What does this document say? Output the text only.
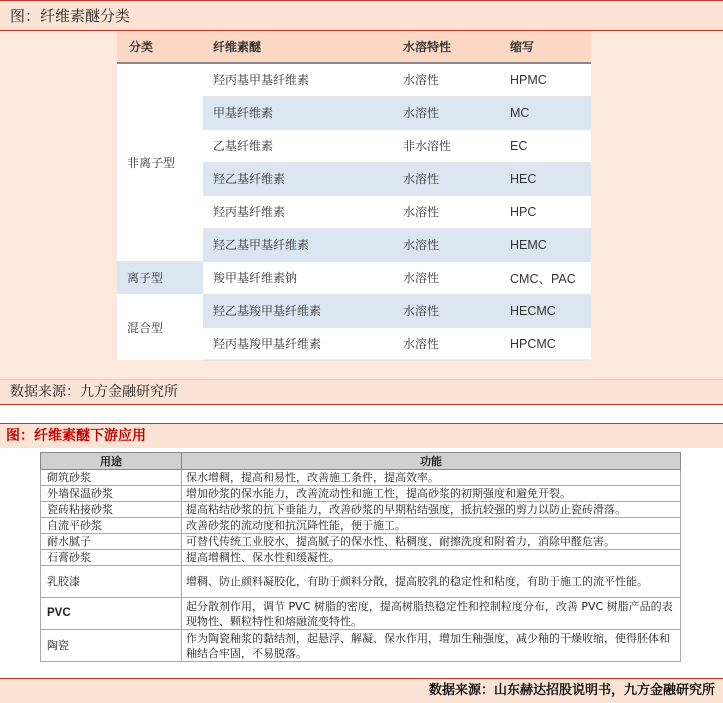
图：纤维素醚分类
分类	纤维素醚	水溶特性	缩写
非离子型	羟丙基甲基纤维素	水溶性	HPMC
	甲基纤维素	水溶性	MC
	乙基纤维素	非水溶性	EC
	羟乙基纤维素	水溶性	HEC
	羟丙基纤维素	水溶性	HPC
	羟乙基甲基纤维素	水溶性	HEMC
离子型	羧甲基纤维素钠	水溶性	CMC、PAC
混合型	羟乙基羧甲基纤维素	水溶性	HECMC
	羟丙基羧甲基纤维素	水溶性	HPCMC
数据来源：九方金融研究所
图：纤维素醚下游应用
用途	功能
砌筑砂浆	保水增稠，提高和易性，改善施工条件，提高效率。
外墙保温砂浆	增加砂浆的保水能力，改善流动性和施工性，提高砂浆的初期强度和避免开裂。
瓷砖粘接砂浆	提高粘结砂浆的抗下垂能力，改善砂浆的早期粘结强度，抵抗较强的剪力以防止瓷砖滑落。
自流平砂浆	改善砂浆的流动度和抗沉降性能，便于施工。
耐水腻子	可替代传统工业胶水，提高腻子的保水性、粘稠度、耐擦洗度和附着力，消除甲醛危害。
石膏砂浆	提高增稠性、保水性和缓凝性。
乳胶漆	增稠、防止颜料凝胶化，有助于颜料分散，提高胶乳的稳定性和粘度，有助于施工的流平性能。
PVC	起分散剂作用，调节 PVC 树脂的密度，提高树脂热稳定性和控制粒度分布，改善 PVC 树脂产品的表现物性、颗粒特性和熔融流变特性。
陶瓷	作为陶瓷釉浆的黏结剂，起悬浮、解凝、保水作用，增加生釉强度，减少釉的干燥收缩，使得胚体和釉结合牢固，不易脱落。
数据来源：山东赫达招股说明书，九方金融研究所
